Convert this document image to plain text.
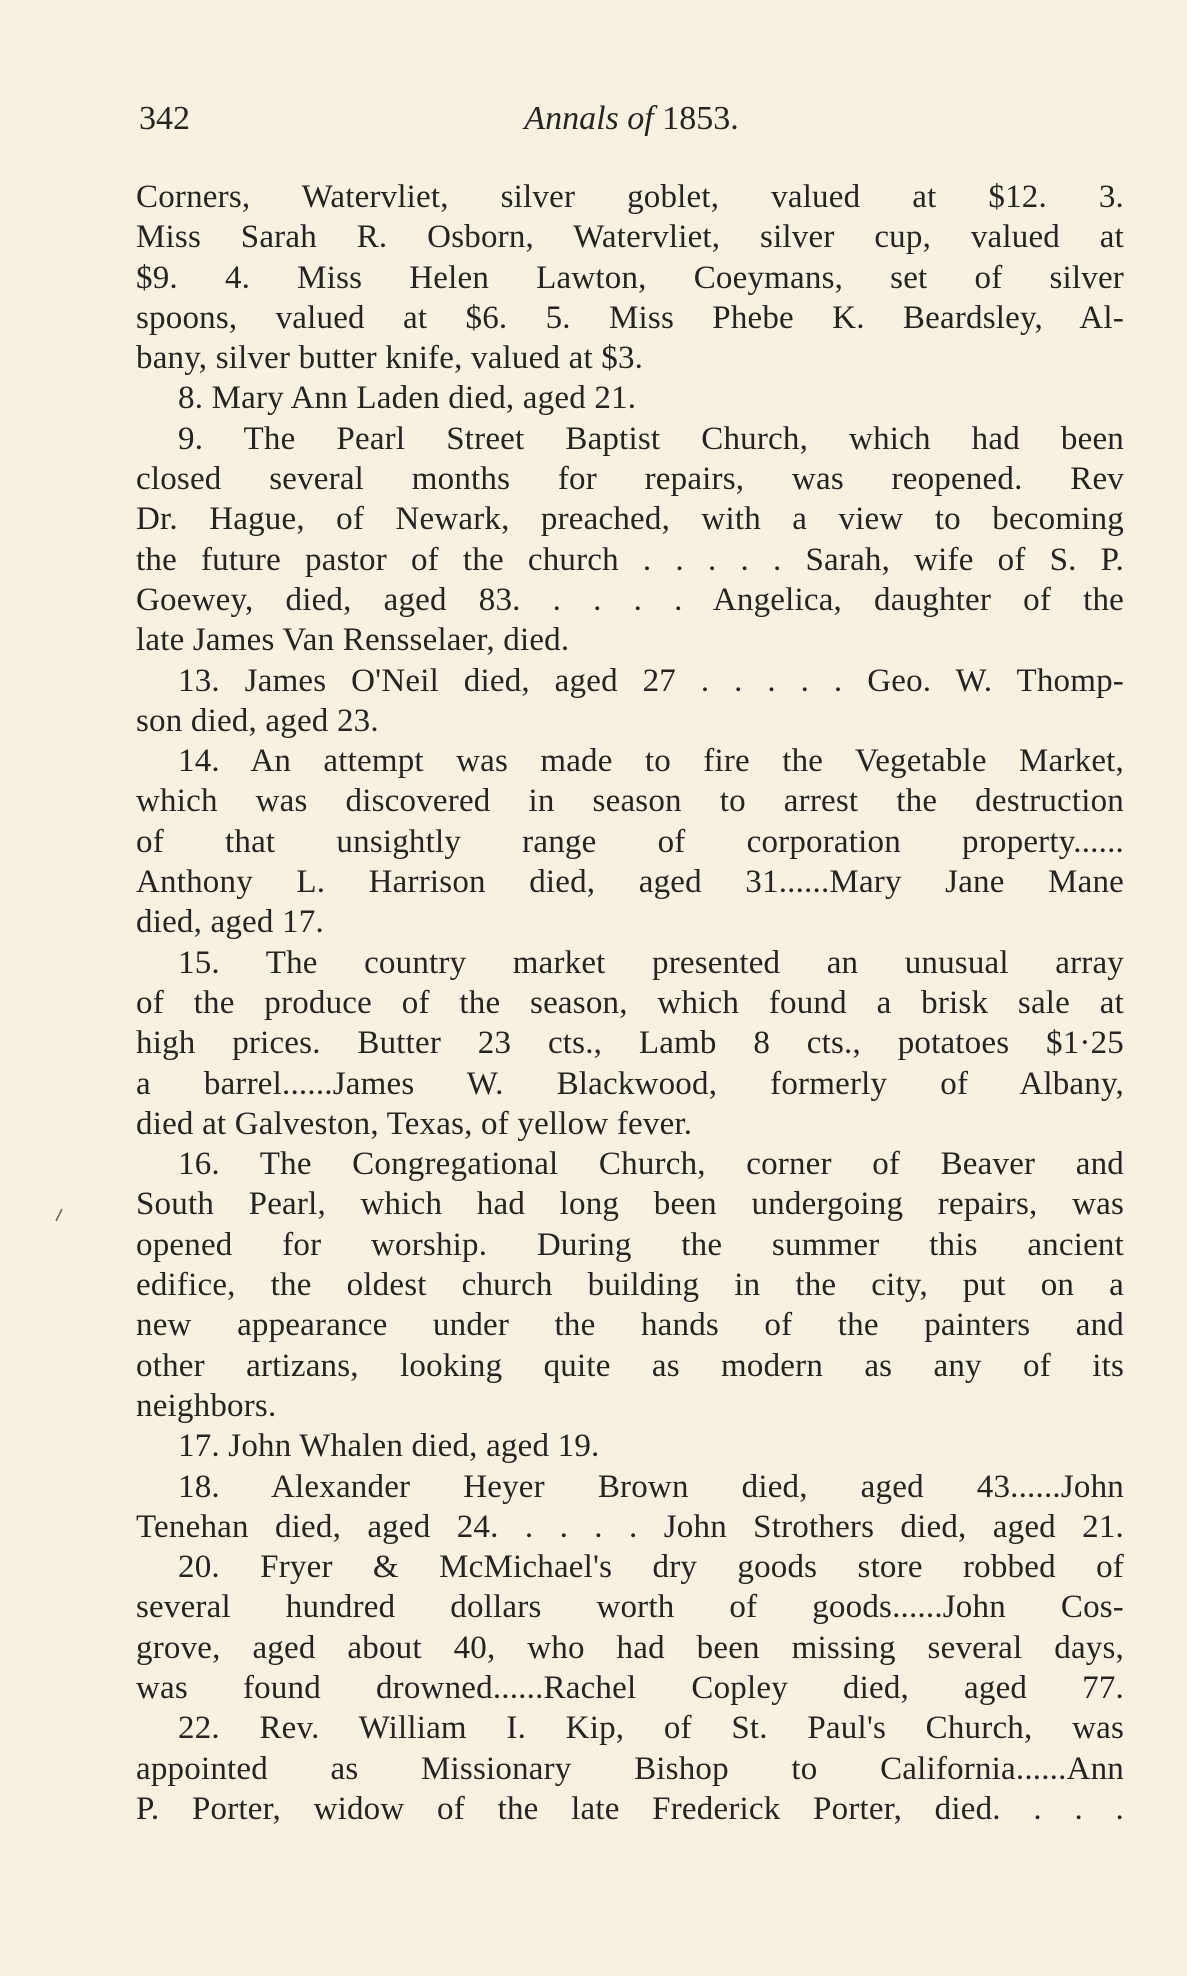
342	Annals of 1853.
Corners, Watervliet, silver goblet, valued at $12. 3.
Miss Sarah R. Osborn, Watervliet, silver cup, valued at
$9. 4. Miss Helen Lawton, Coeymans, set of silver
spoons, valued at $6. 5. Miss Phebe K. Beardsley, Al-
bany, silver butter knife, valued at $3.
8. Mary Ann Laden died, aged 21.
9. The Pearl Street Baptist Church, which had been
closed several months for repairs, was reopened. Rev
Dr. Hague, of Newark, preached, with a view to becoming
the future pastor of the church . . . . . Sarah, wife of S. P.
Goewey, died, aged 83. . . . . Angelica, daughter of the
late James Van Rensselaer, died.
13. James O'Neil died, aged 27 . . . . . Geo. W. Thomp-
son died, aged 23.
14. An attempt was made to fire the Vegetable Market,
which was discovered in season to arrest the destruction
of that unsightly range of corporation property......
Anthony L. Harrison died, aged 31......Mary Jane Mane
died, aged 17.
15. The country market presented an unusual array
of the produce of the season, which found a brisk sale at
high prices. Butter 23 cts., Lamb 8 cts., potatoes $1·25
a barrel......James W. Blackwood, formerly of Albany,
died at Galveston, Texas, of yellow fever.
16. The Congregational Church, corner of Beaver and
South Pearl, which had long been undergoing repairs, was
opened for worship. During the summer this ancient
edifice, the oldest church building in the city, put on a
new appearance under the hands of the painters and
other artizans, looking quite as modern as any of its
neighbors.
17. John Whalen died, aged 19.
18. Alexander Heyer Brown died, aged 43......John
Tenehan died, aged 24. . . . . John Strothers died, aged 21.
20. Fryer & McMichael's dry goods store robbed of
several hundred dollars worth of goods......John Cos-
grove, aged about 40, who had been missing several days,
was found drowned......Rachel Copley died, aged 77.
22. Rev. William I. Kip, of St. Paul's Church, was
appointed as Missionary Bishop to California......Ann
P. Porter, widow of the late Frederick Porter, died. . . .
